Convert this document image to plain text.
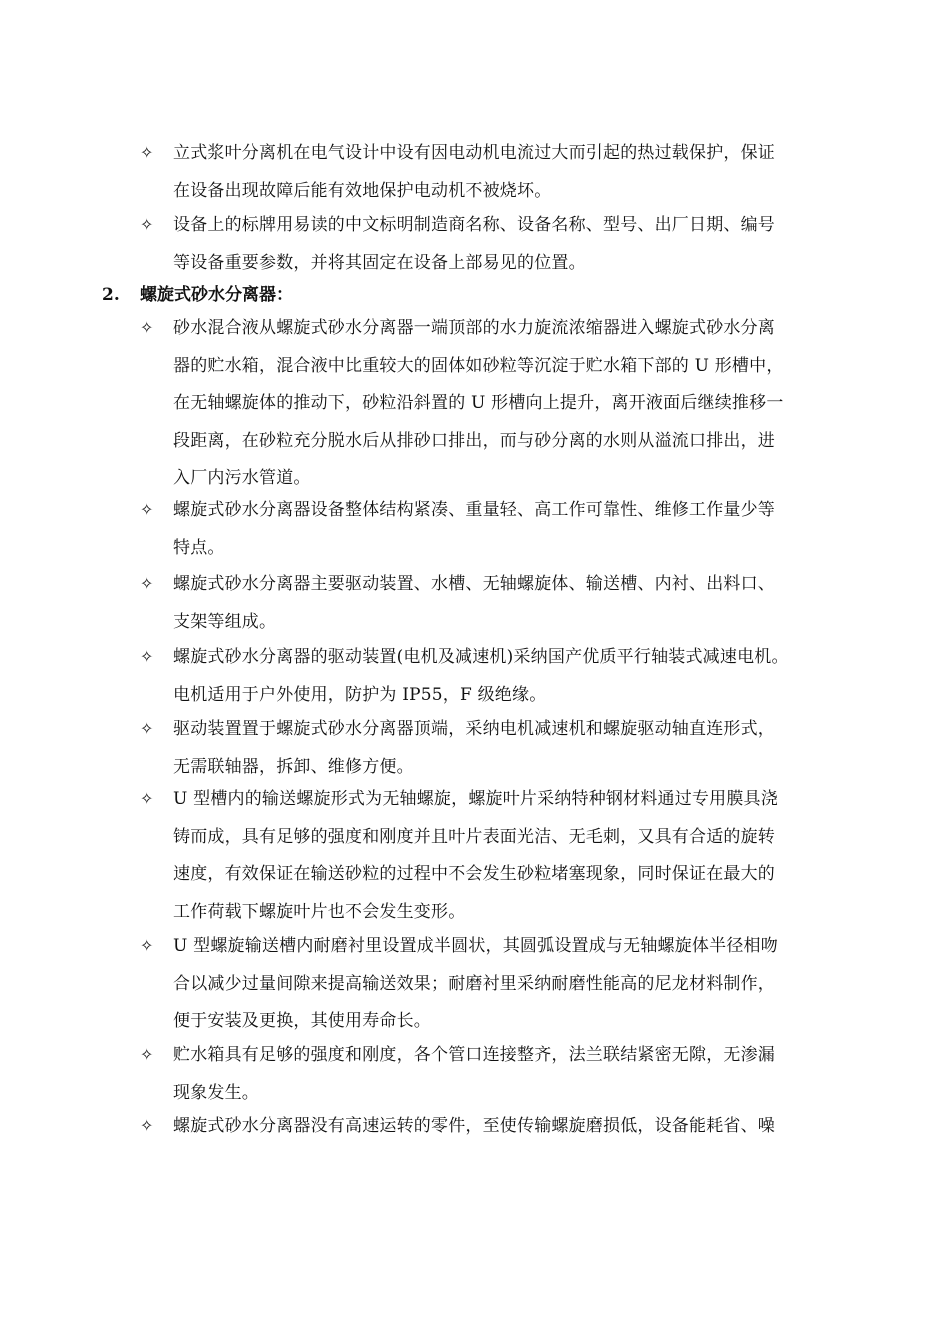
✧ 立式浆叶分离机在电气设计中设有因电动机电流过大而引起的热过载保护，保证
在设备出现故障后能有效地保护电动机不被烧坏。
✧ 设备上的标牌用易读的中文标明制造商名称、设备名称、型号、出厂日期、编号
等设备重要参数，并将其固定在设备上部易见的位置。
2. 螺旋式砂水分离器：
✧ 砂水混合液从螺旋式砂水分离器一端顶部的水力旋流浓缩器进入螺旋式砂水分离
器的贮水箱，混合液中比重较大的固体如砂粒等沉淀于贮水箱下部的 U 形槽中，
在无轴螺旋体的推动下，砂粒沿斜置的 U 形槽向上提升，离开液面后继续推移一
段距离，在砂粒充分脱水后从排砂口排出，而与砂分离的水则从溢流口排出，进
入厂内污水管道。
✧ 螺旋式砂水分离器设备整体结构紧凑、重量轻、高工作可靠性、维修工作量少等
特点。
✧ 螺旋式砂水分离器主要驱动装置、水槽、无轴螺旋体、输送槽、内衬、出料口、
支架等组成。
✧ 螺旋式砂水分离器的驱动装置(电机及减速机)采纳国产优质平行轴装式减速电机。
电机适用于户外使用，防护为 IP55，F 级绝缘。
✧ 驱动装置置于螺旋式砂水分离器顶端，采纳电机减速机和螺旋驱动轴直连形式，
无需联轴器，拆卸、维修方便。
✧ U 型槽内的输送螺旋形式为无轴螺旋，螺旋叶片采纳特种钢材料通过专用膜具浇
铸而成，具有足够的强度和刚度并且叶片表面光洁、无毛刺，又具有合适的旋转
速度，有效保证在输送砂粒的过程中不会发生砂粒堵塞现象，同时保证在最大的
工作荷载下螺旋叶片也不会发生变形。
✧ U 型螺旋输送槽内耐磨衬里设置成半圆状，其圆弧设置成与无轴螺旋体半径相吻
合以减少过量间隙来提高输送效果；耐磨衬里采纳耐磨性能高的尼龙材料制作，
便于安装及更换，其使用寿命长。
✧ 贮水箱具有足够的强度和刚度，各个管口连接整齐，法兰联结紧密无隙，无渗漏
现象发生。
✧ 螺旋式砂水分离器没有高速运转的零件，至使传输螺旋磨损低，设备能耗省、噪
